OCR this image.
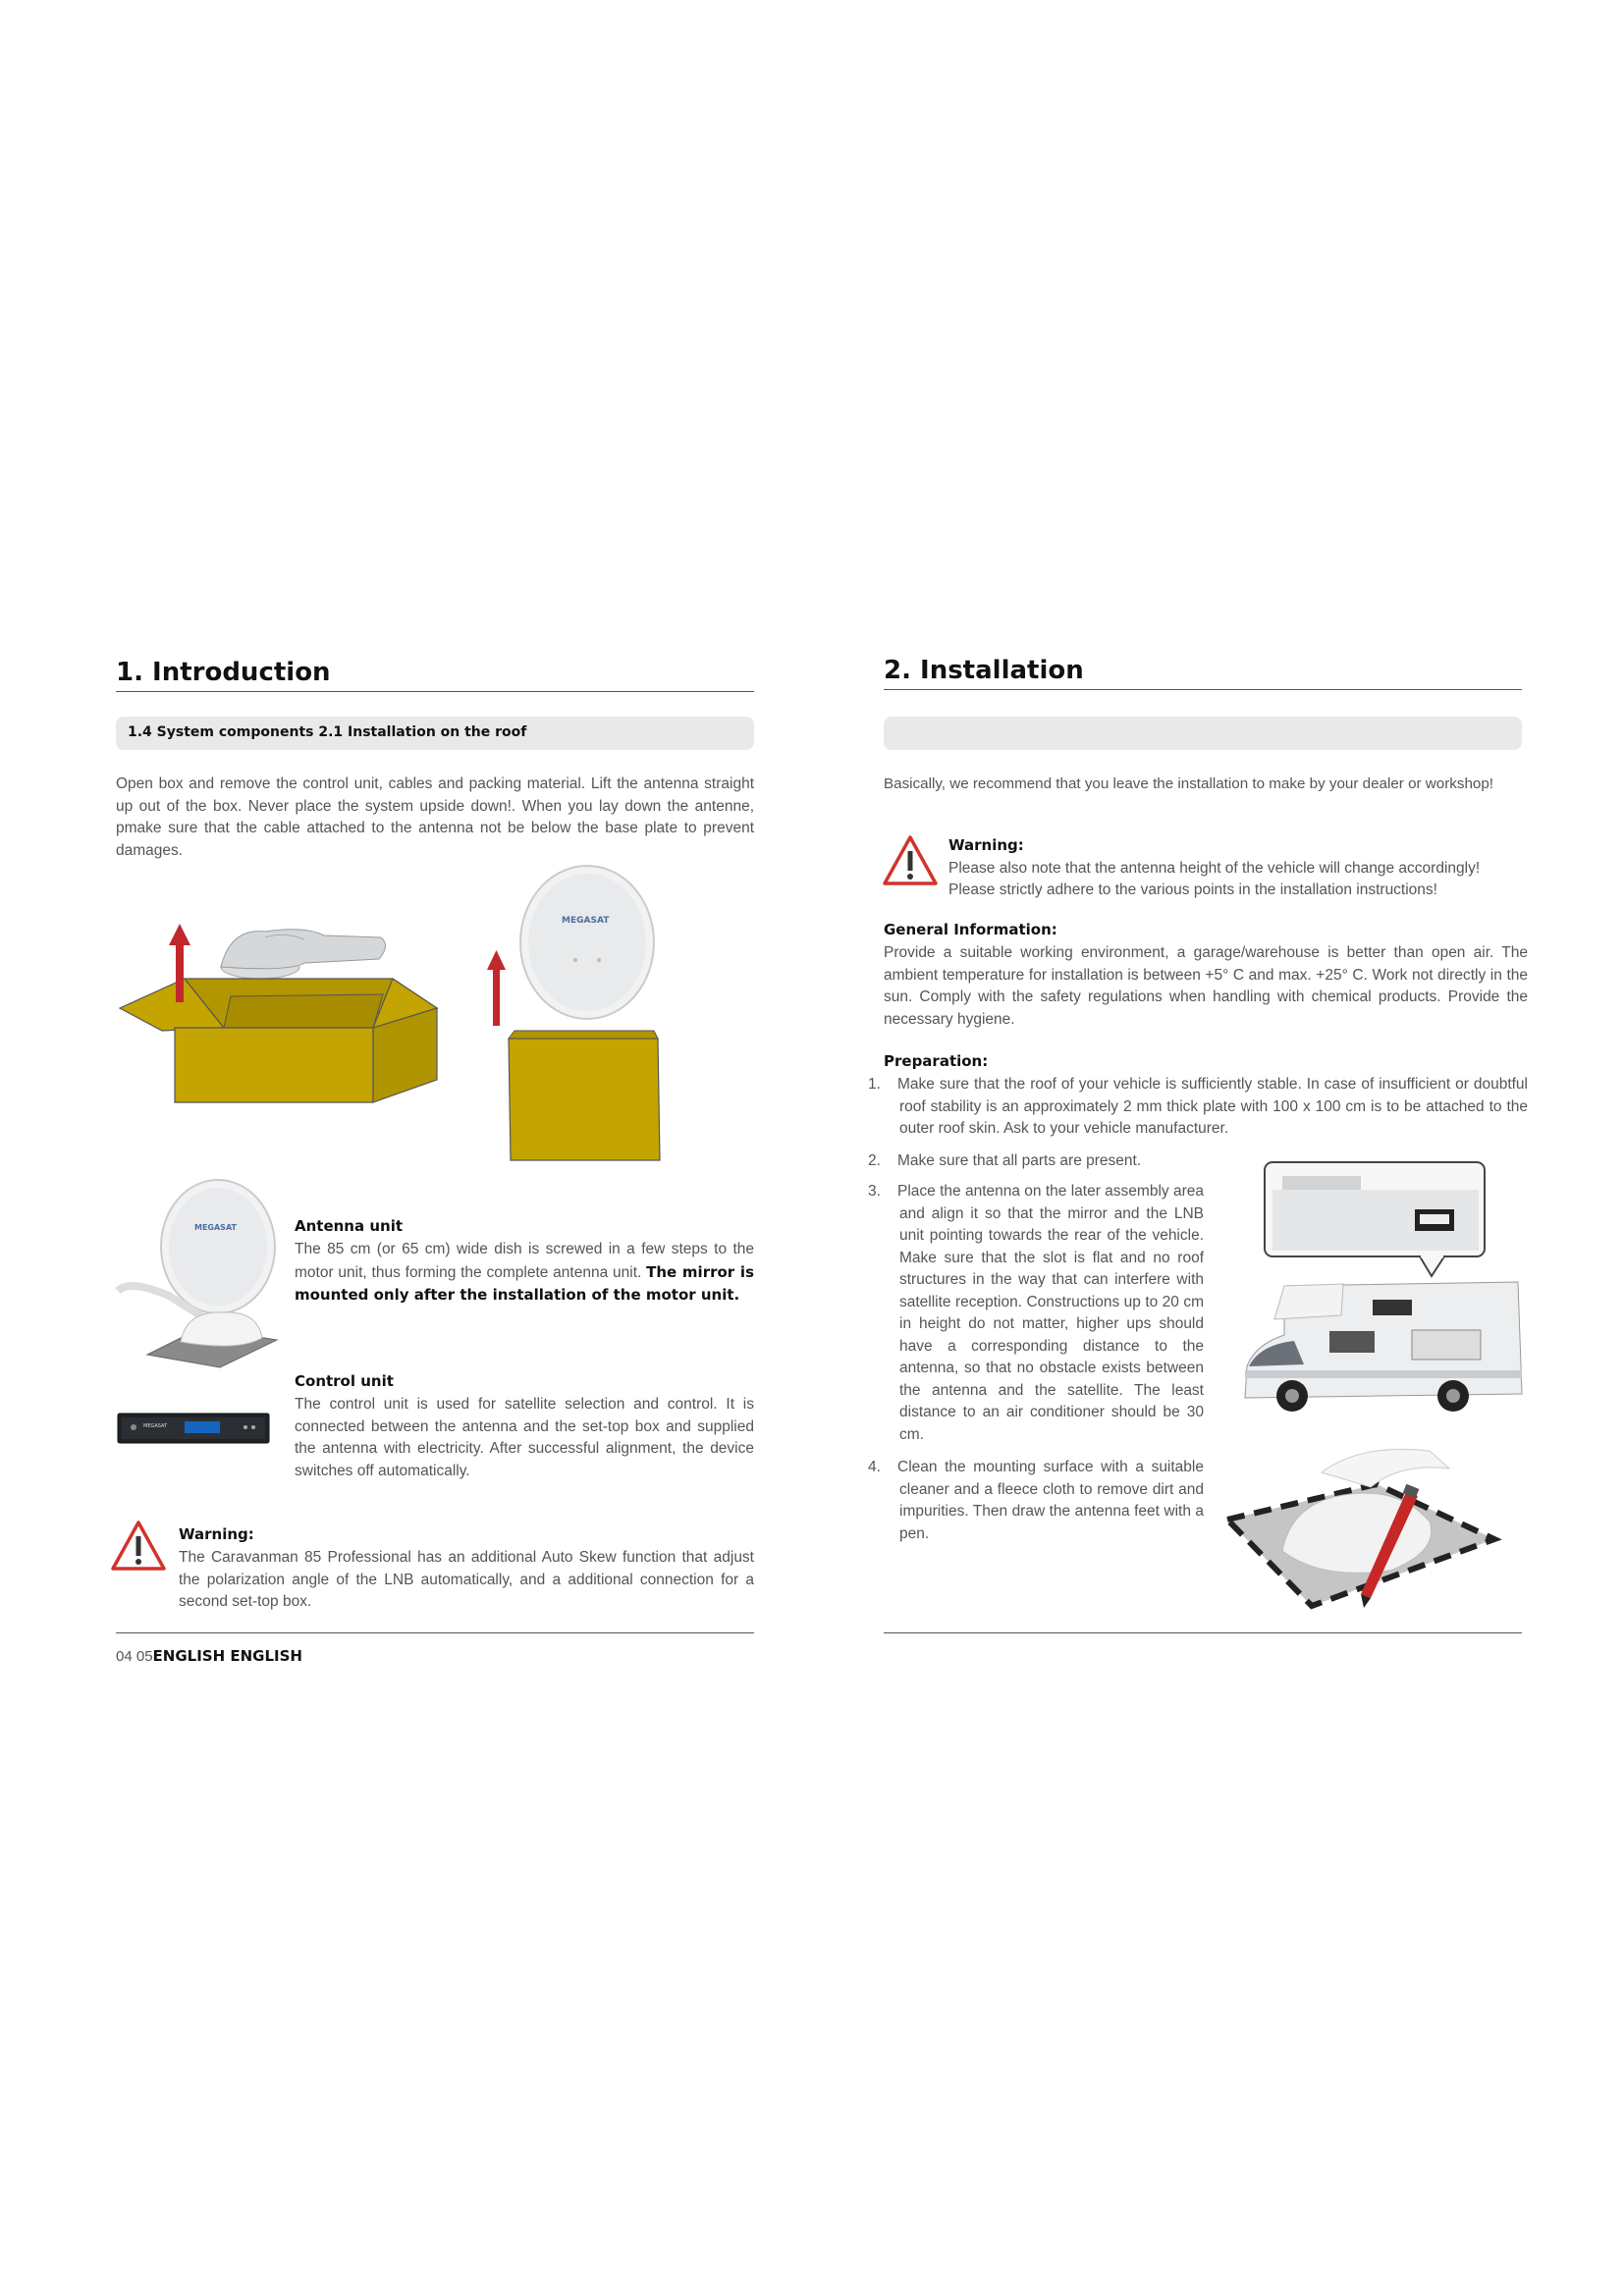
1. Introduction
1.4 System components 2.1 Installation on the roof

Open box and remove the control unit, cables and packing material. Lift the antenna straight up out of the box. Never place the system upside down!. When you lay down the antenne, pmake sure that the cable attached to the antenna not be below the base plate to prevent damages.

MEGASAT
MEGASAT	Antenna unit

The 85 cm (or 65 cm) wide dish is screwed in a few steps to the motor unit, thus forming the complete antenna unit. The mirror is mounted only after the installation of the motor unit.

MEGASAT
Control unit

The control unit is used for satellite selection and control. It is connected between the antenna and the set-top box and supplied the antenna with electricity. After successful alignment, the device switches off automatically.

Warning:

The Caravanman 85 Professional has an additional Auto Skew function that adjust the polarization angle of the LNB automatically, and a additional connection for a second set-top box.

04 05ENGLISH ENGLISH
2. Installation

Basically, we recommend that you leave the installation to make by your dealer or workshop!

Warning:
Please also note that the antenna height of the vehicle will change accordingly!
Please strictly adhere to the various points in the installation instructions!
General Information:

Provide a suitable working environment, a garage/warehouse is better than open air. The ambient temperature for installation is between +5° C and max. +25° C. Work not directly in the sun. Comply with the safety regulations when handling with chemical products. Provide the necessary hygiene.

Preparation:

1. Make sure that the roof of your vehicle is sufficiently stable. In case of insufficient or doubtful roof stability is an approximately 2 mm thick plate with 100 x 100 cm is to be attached to the outer roof skin. Ask to your vehicle manufacturer.

2. Make sure that all parts are present.

3. Place the antenna on the later assembly area and align it so that the mirror and the LNB unit pointing towards the rear of the vehicle. Make sure that the slot is flat and no roof structures in the way that can interfere with satellite reception. Constructions up to 20 cm in height do not matter, higher ups should have a corresponding distance to the antenna, so that no obstacle exists between the antenna and the satellite. The least distance to an air conditioner should be 30 cm.

4. Clean the mounting surface with a suitable cleaner and a fleece cloth to remove dirt and impurities. Then draw the antenna feet with a pen.
